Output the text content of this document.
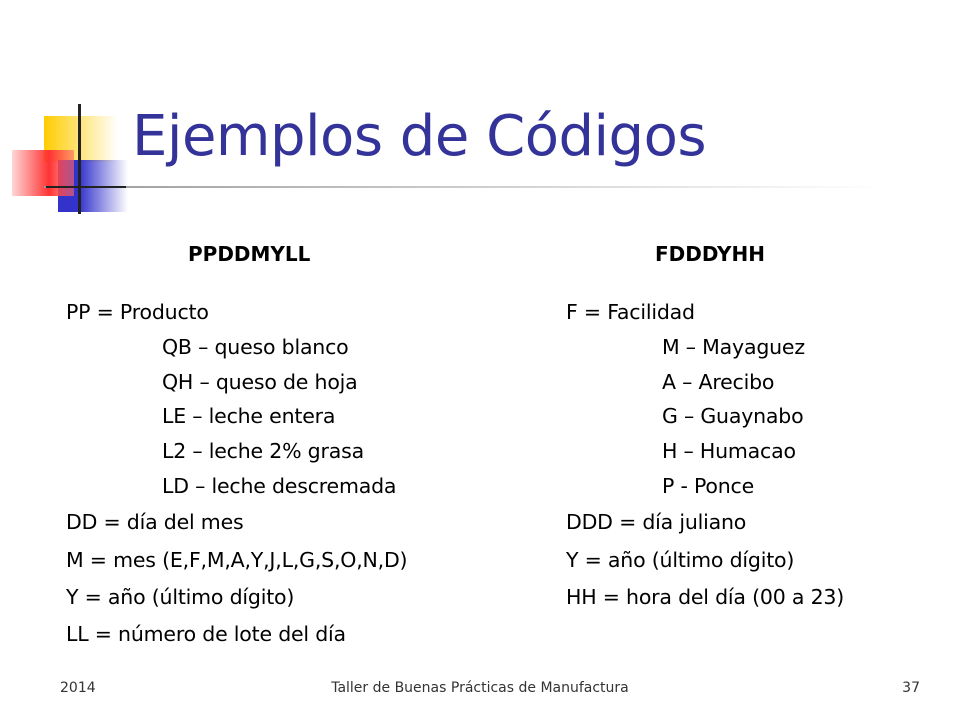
Ejemplos de Códigos
PPDDMYLL	FDDDYHH
PP = Producto
QB – queso blanco
QH – queso de hoja
LE – leche entera
L2 – leche 2% grasa
LD – leche descremada
DD = día del mes
M = mes (E,F,M,A,Y,J,L,G,S,O,N,D)
Y = año (último dígito)
LL = número de lote del día
F = Facilidad
M – Mayaguez
A – Arecibo
G – Guaynabo
H – Humacao
P - Ponce
DDD = día juliano
Y = año (último dígito)
HH = hora del día (00 a 23)
2014	Taller de Buenas Prácticas de Manufactura	37
